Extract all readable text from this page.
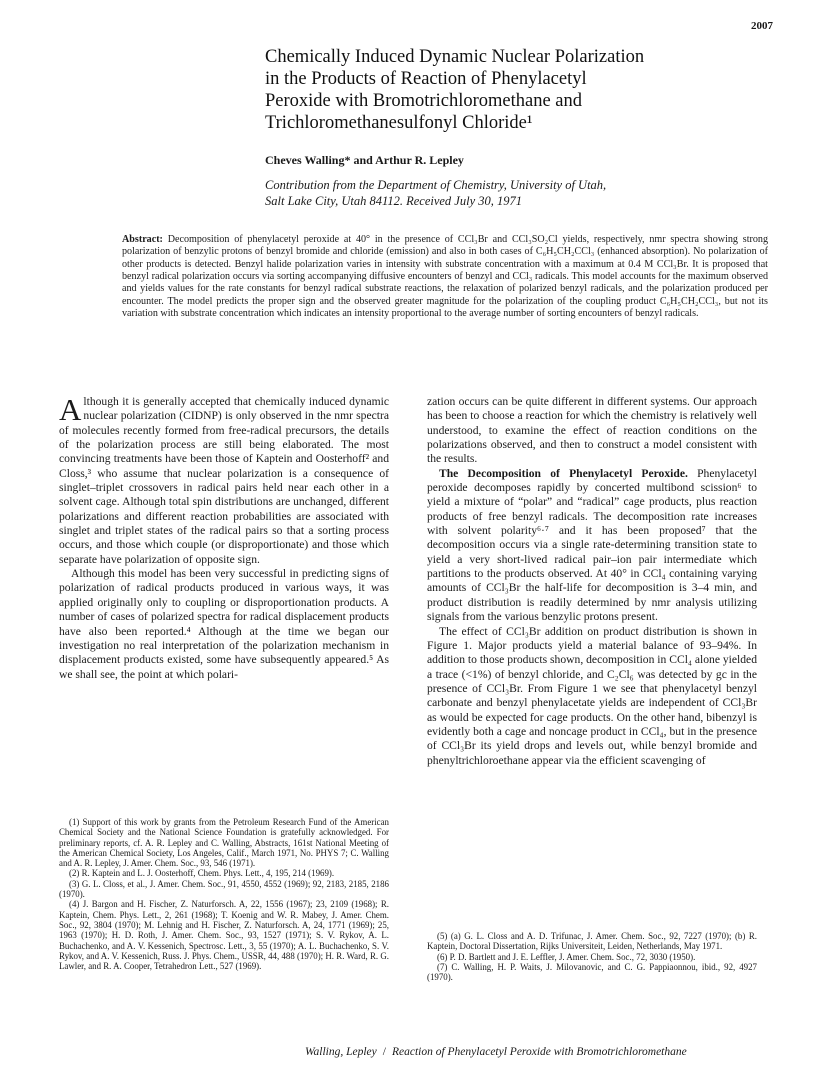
2007
Chemically Induced Dynamic Nuclear Polarization
in the Products of Reaction of Phenylacetyl
Peroxide with Bromotrichloromethane and
Trichloromethanesulfonyl Chloride¹
Cheves Walling* and Arthur R. Lepley
Contribution from the Department of Chemistry, University of Utah,
Salt Lake City, Utah 84112. Received July 30, 1971

Abstract: Decomposition of phenylacetyl peroxide at 40° in the presence of CCl₃Br and CCl₃SO₂Cl yields, respectively, nmr spectra showing strong polarization of benzylic protons of benzyl bromide and chloride (emission) and also in both cases of C₆H₅CH₂CCl₃ (enhanced absorption). No polarization of other products is detected. Benzyl halide polarization varies in intensity with substrate concentration with a maximum at 0.4 M CCl₃Br. It is proposed that benzyl radical polarization occurs via sorting accompanying diffusive encounters of benzyl and CCl₃ radicals. This model accounts for the maximum observed and yields values for the rate constants for benzyl radical substrate reactions, the relaxation of polarized benzyl radicals, and the polarization produced per encounter. The model predicts the proper sign and the observed greater magnitude for the polarization of the coupling product C₆H₅CH₂CCl₃, but not its variation with substrate concentration which indicates an intensity proportional to the average number of sorting encounters of benzyl radicals.

Although it is generally accepted that chemically induced dynamic nuclear polarization (CIDNP) is only observed in the nmr spectra of molecules recently formed from free-radical precursors, the details of the polarization process are still being elaborated. The most convincing treatments have been those of Kaptein and Oosterhoff² and Closs,³ who assume that nuclear polarization is a consequence of singlet–triplet crossovers in radical pairs held near each other in a solvent cage. Although total spin distributions are unchanged, different polarizations and different reaction probabilities are associated with singlet and triplet states of the radical pairs so that a sorting process occurs, and those which couple (or disproportionate) and those which separate have polarization of opposite sign.

Although this model has been very successful in predicting signs of polarization of radical products produced in various ways, it was applied originally only to coupling or disproportionation products. A number of cases of polarized spectra for radical displacement products have also been reported.⁴ Although at the time we began our investigation no real interpretation of the polarization mechanism in displacement products existed, some have subsequently appeared.⁵ As we shall see, the point at which polari-

zation occurs can be quite different in different systems. Our approach has been to choose a reaction for which the chemistry is relatively well understood, to examine the effect of reaction conditions on the polarizations observed, and then to construct a model consistent with the results.

The Decomposition of Phenylacetyl Peroxide. Phenylacetyl peroxide decomposes rapidly by concerted multibond scission⁶ to yield a mixture of “polar” and “radical” cage products, plus reaction products of free benzyl radicals. The decomposition rate increases with solvent polarity⁶·⁷ and it has been proposed⁷ that the decomposition occurs via a single rate-determining transition state to yield a very short-lived radical pair–ion pair intermediate which partitions to the products observed. At 40° in CCl₄ containing varying amounts of CCl₃Br the half-life for decomposition is 3–4 min, and product distribution is readily determined by nmr analysis utilizing signals from the various benzylic protons present.

The effect of CCl₃Br addition on product distribution is shown in Figure 1. Major products yield a material balance of 93–94%. In addition to those products shown, decomposition in CCl₄ alone yielded a trace (<1%) of benzyl chloride, and C₂Cl₆ was detected by gc in the presence of CCl₃Br. From Figure 1 we see that phenylacetyl benzyl carbonate and benzyl phenylacetate yields are independent of CCl₃Br as would be expected for cage products. On the other hand, bibenzyl is evidently both a cage and noncage product in CCl₄, but in the presence of CCl₃Br its yield drops and levels out, while benzyl bromide and phenyltrichloroethane appear via the efficient scavenging of

(1) Support of this work by grants from the Petroleum Research Fund of the American Chemical Society and the National Science Foundation is gratefully acknowledged. For preliminary reports, cf. A. R. Lepley and C. Walling, Abstracts, 161st National Meeting of the American Chemical Society, Los Angeles, Calif., March 1971, No. PHYS 7; C. Walling and A. R. Lepley, J. Amer. Chem. Soc., 93, 546 (1971).

(2) R. Kaptein and L. J. Oosterhoff, Chem. Phys. Lett., 4, 195, 214 (1969).

(3) G. L. Closs, et al., J. Amer. Chem. Soc., 91, 4550, 4552 (1969); 92, 2183, 2185, 2186 (1970).

(4) J. Bargon and H. Fischer, Z. Naturforsch. A, 22, 1556 (1967); 23, 2109 (1968); R. Kaptein, Chem. Phys. Lett., 2, 261 (1968); T. Koenig and W. R. Mabey, J. Amer. Chem. Soc., 92, 3804 (1970); M. Lehnig and H. Fischer, Z. Naturforsch. A, 24, 1771 (1969); 25, 1963 (1970); H. D. Roth, J. Amer. Chem. Soc., 93, 1527 (1971); S. V. Rykov, A. L. Buchachenko, and A. V. Kessenich, Spectrosc. Lett., 3, 55 (1970); A. L. Buchachenko, S. V. Rykov, and A. V. Kessenich, Russ. J. Phys. Chem., USSR, 44, 488 (1970); H. R. Ward, R. G. Lawler, and R. A. Cooper, Tetrahedron Lett., 527 (1969).

(5) (a) G. L. Closs and A. D. Trifunac, J. Amer. Chem. Soc., 92, 7227 (1970); (b) R. Kaptein, Doctoral Dissertation, Rijks Universiteit, Leiden, Netherlands, May 1971.

(6) P. D. Bartlett and J. E. Leffler, J. Amer. Chem. Soc., 72, 3030 (1950).

(7) C. Walling, H. P. Waits, J. Milovanovic, and C. G. Pappiaonnou, ibid., 92, 4927 (1970).

Walling, Lepley / Reaction of Phenylacetyl Peroxide with Bromotrichloromethane
